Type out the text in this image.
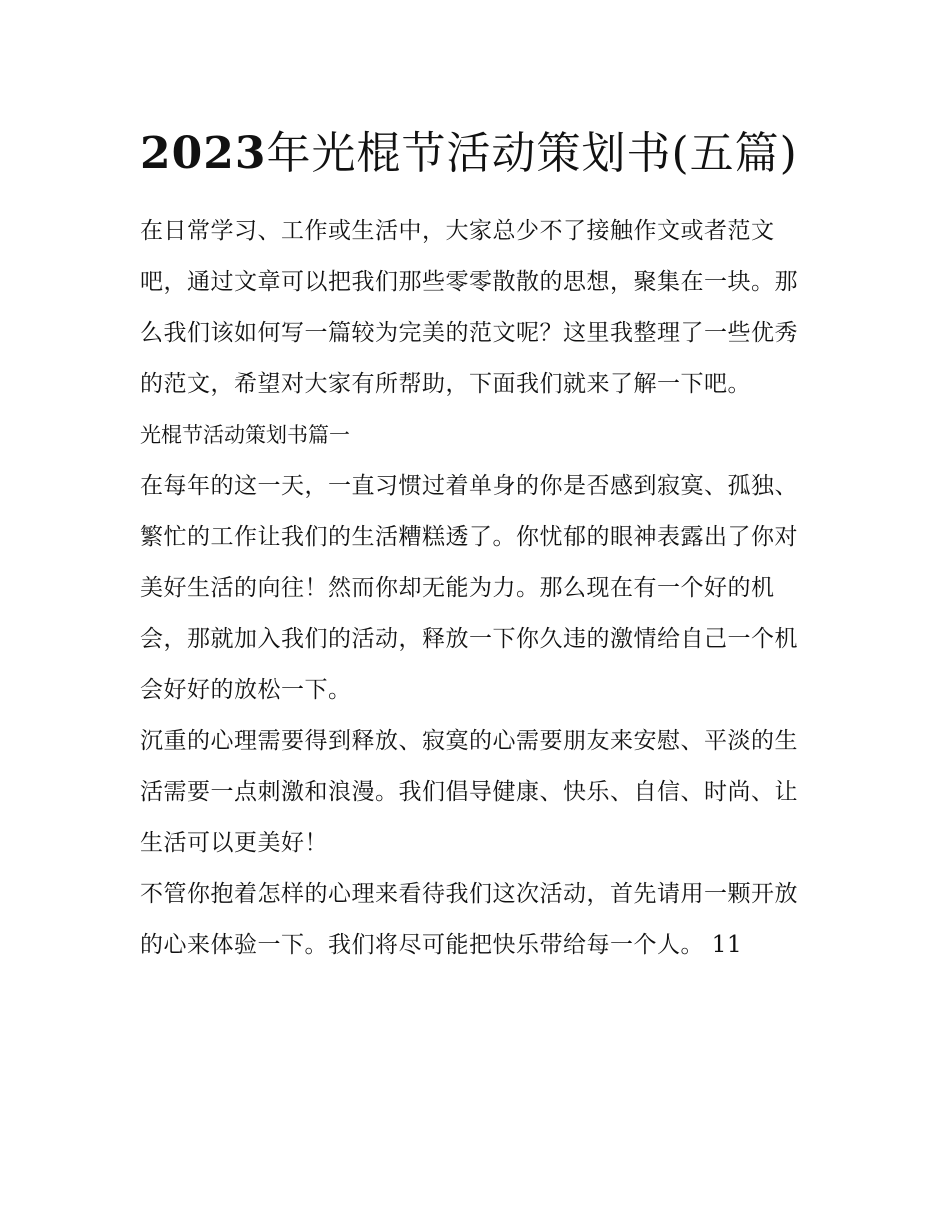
2023年光棍节活动策划书(五篇)

在日常学习、工作或生活中，大家总少不了接触作文或者范文吧，通过文章可以把我们那些零零散散的思想，聚集在一块。那么我们该如何写一篇较为完美的范文呢？这里我整理了一些优秀的范文，希望对大家有所帮助，下面我们就来了解一下吧。

光棍节活动策划书篇一

在每年的这一天，一直习惯过着单身的你是否感到寂寞、孤独、繁忙的工作让我们的生活糟糕透了。你忧郁的眼神表露出了你对美好生活的向往！然而你却无能为力。那么现在有一个好的机会，那就加入我们的活动，释放一下你久违的激情给自己一个机会好好的放松一下。

沉重的心理需要得到释放、寂寞的心需要朋友来安慰、平淡的生活需要一点刺激和浪漫。我们倡导健康、快乐、自信、时尚、让生活可以更美好！

不管你抱着怎样的心理来看待我们这次活动，首先请用一颗开放的心来体验一下。我们将尽可能把快乐带给每一个人。 11
